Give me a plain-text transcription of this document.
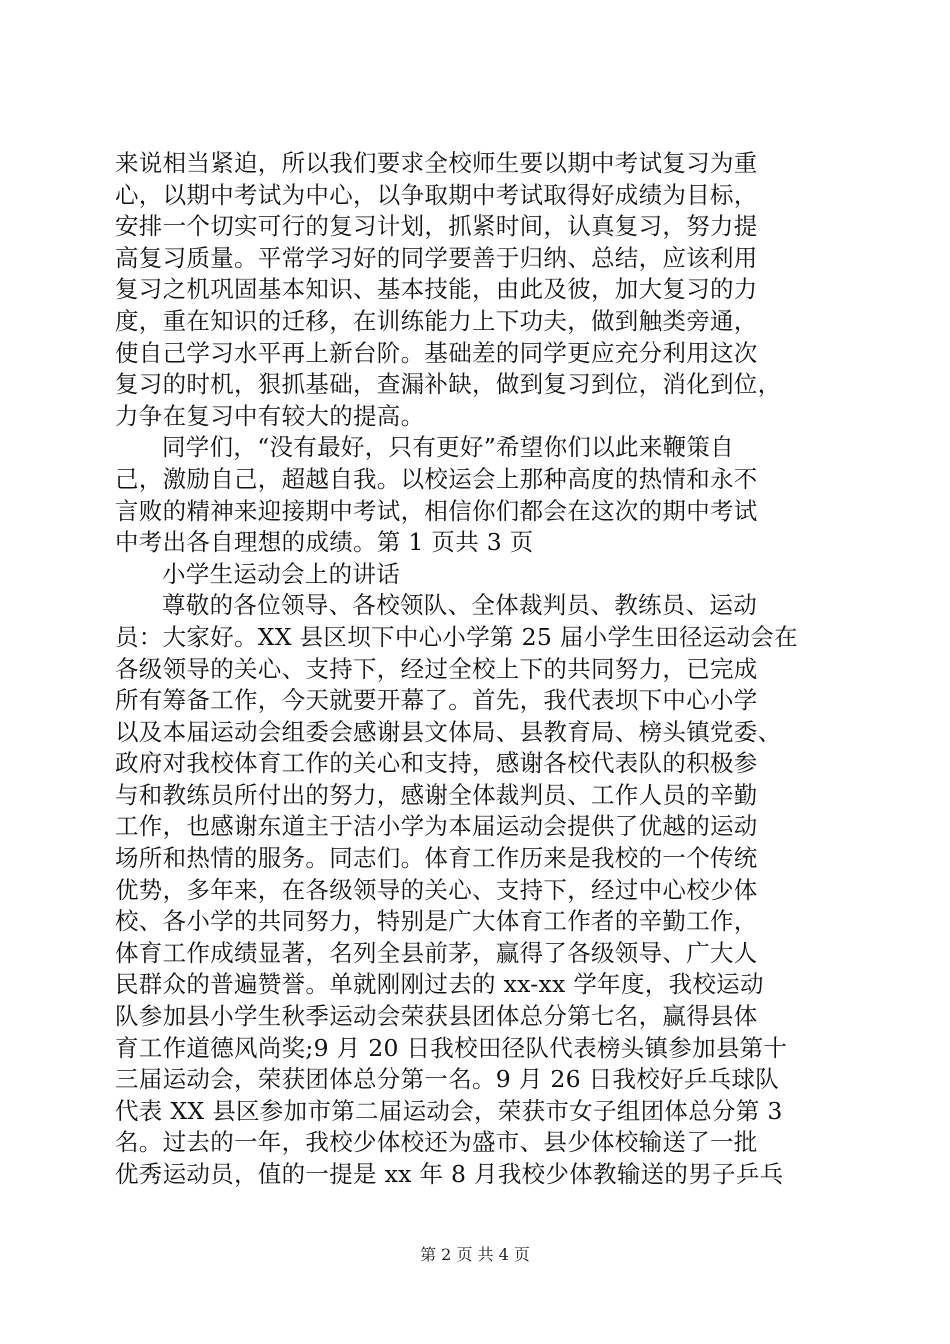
来说相当紧迫，所以我们要求全校师生要以期中考试复习为重
心，以期中考试为中心，以争取期中考试取得好成绩为目标，
安排一个切实可行的复习计划，抓紧时间，认真复习，努力提
高复习质量。平常学习好的同学要善于归纳、总结，应该利用
复习之机巩固基本知识、基本技能，由此及彼，加大复习的力
度，重在知识的迁移，在训练能力上下功夫，做到触类旁通，
使自己学习水平再上新台阶。基础差的同学更应充分利用这次
复习的时机，狠抓基础，查漏补缺，做到复习到位，消化到位，
力争在复习中有较大的提高。
同学们，“没有最好，只有更好”希望你们以此来鞭策自
己，激励自己，超越自我。以校运会上那种高度的热情和永不
言败的精神来迎接期中考试，相信你们都会在这次的期中考试
中考出各自理想的成绩。第 1 页共 3 页
小学生运动会上的讲话
尊敬的各位领导、各校领队、全体裁判员、教练员、运动
员：大家好。XX 县区坝下中心小学第 25 届小学生田径运动会在
各级领导的关心、支持下，经过全校上下的共同努力，已完成
所有筹备工作，今天就要开幕了。首先，我代表坝下中心小学
以及本届运动会组委会感谢县文体局、县教育局、榜头镇党委、
政府对我校体育工作的关心和支持，感谢各校代表队的积极参
与和教练员所付出的努力，感谢全体裁判员、工作人员的辛勤
工作，也感谢东道主于洁小学为本届运动会提供了优越的运动
场所和热情的服务。同志们。体育工作历来是我校的一个传统
优势，多年来，在各级领导的关心、支持下，经过中心校少体
校、各小学的共同努力，特别是广大体育工作者的辛勤工作，
体育工作成绩显著，名列全县前茅，赢得了各级领导、广大人
民群众的普遍赞誉。单就刚刚过去的 xx-xx 学年度，我校运动
队参加县小学生秋季运动会荣获县团体总分第七名，赢得县体
育工作道德风尚奖;9 月 20 日我校田径队代表榜头镇参加县第十
三届运动会，荣获团体总分第一名。9 月 26 日我校好乒乓球队
代表 XX 县区参加市第二届运动会，荣获市女子组团体总分第 3
名。过去的一年，我校少体校还为盛市、县少体校输送了一批
优秀运动员，值的一提是 xx 年 8 月我校少体教输送的男子乒乓
第 2 页 共 4 页
